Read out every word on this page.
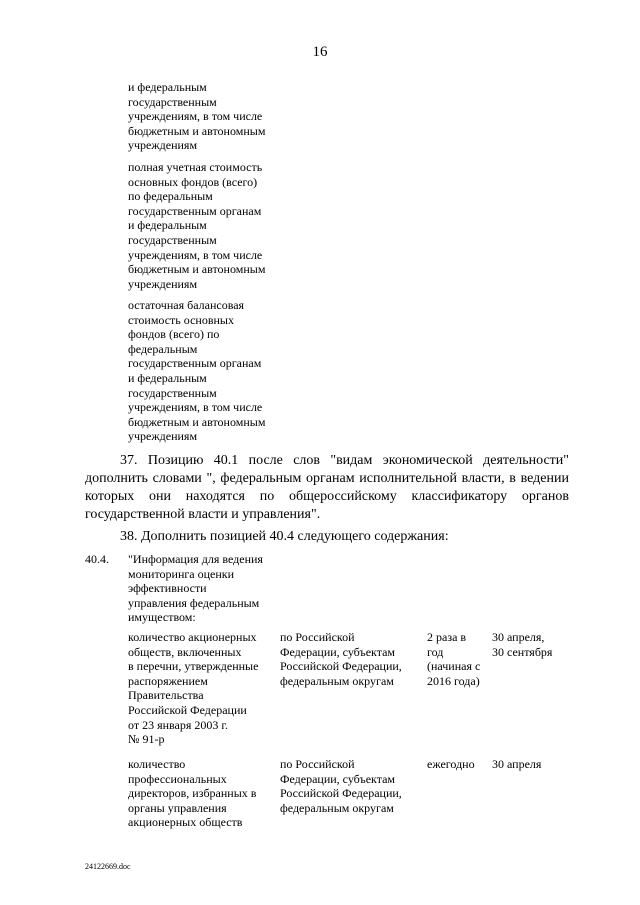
16
и федеральным
государственным
учреждениям, в том числе
бюджетным и автономным
учреждениям
полная учетная стоимость
основных фондов (всего)
по федеральным
государственным органам
и федеральным
государственным
учреждениям, в том числе
бюджетным и автономным
учреждениям
остаточная балансовая
стоимость основных
фондов (всего) по
федеральным
государственным органам
и федеральным
государственным
учреждениям, в том числе
бюджетным и автономным
учреждениям
37. Позицию 40.1 после слов "видам экономической деятельности" дополнить словами ", федеральным органам исполнительной власти, в ведении которых они находятся по общероссийскому классификатору органов государственной власти и управления".
38. Дополнить позицией 40.4 следующего содержания:
40.4.	"Информация для ведения
мониторинга оценки
эффективности
управления федеральным
имуществом:
количество акционерных
обществ, включенных
в перечни, утвержденные
распоряжением
Правительства
Российской Федерации
от 23 января 2003 г.
№ 91-р
по Российской
Федерации, субъектам
Российской Федерации,
федеральным округам
2 раза в
год
(начиная с
2016 года)
30 апреля,
30 сентября
количество
профессиональных
директоров, избранных в
органы управления
акционерных обществ
по Российской
Федерации, субъектам
Российской Федерации,
федеральным округам
ежегодно	30 апреля
24122669.doc
